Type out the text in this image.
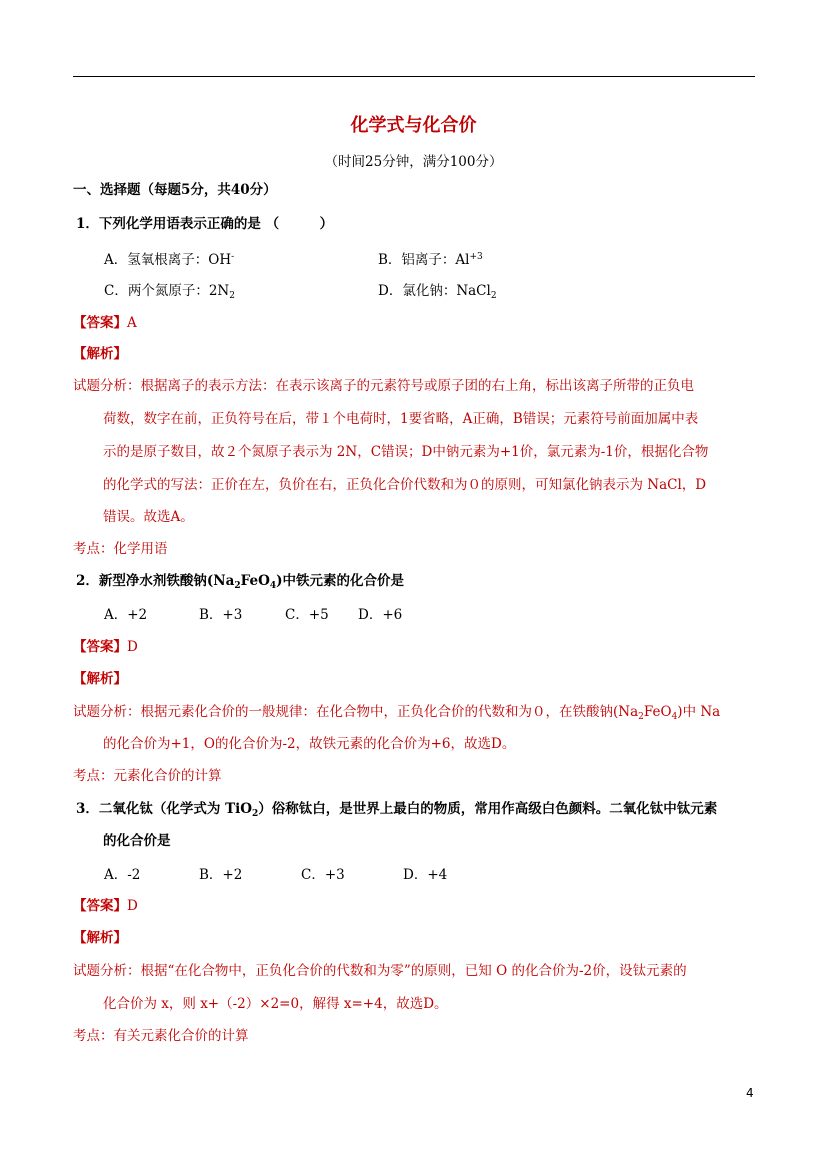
化学式与化合价
（时间25分钟，满分100分）
一、选择题（每题5分，共40分）
1．下列化学用语表示正确的是 （　　　）
A．氢氧根离子：OH-	B．铝离子：$Al^{+3}$
C．两个氮原子：$2N_2$	D．氯化钠：NaCl$_2$
【答案】A
【解析】
试题分析：根据离子的表示方法：在表示该离子的元素符号或原子团的右上角，标出该离子所带的正负电
荷数，数字在前，正负符号在后，带１个电荷时，1要省略，A正确，B错误；元素符号前面加属中表
示的是原子数目，故２个氮原子表示为 2N，C错误；D中钠元素为+1价，氯元素为-1价，根据化合物
的化学式的写法：正价在左，负价在右，正负化合价代数和为０的原则，可知氯化钠表示为 NaCl，D
错误。故选A。
考点：化学用语
2．新型净水剂铁酸钠$(Na_2FeO_4)$中铁元素的化合价是
A．+2	B．+3	C．+5 D．+6
【答案】D
【解析】
试题分析：根据元素化合价的一般规律：在化合物中，正负化合价的代数和为０，在铁酸钠$(Na_2FeO_4)$中 Na
的化合价为+1，O的化合价为-2，故铁元素的化合价为+6，故选D。
考点：元素化合价的计算
3．二氧化钛（化学式为 TiO$_2$）俗称钛白，是世界上最白的物质，常用作高级白色颜料。二氧化钛中钛元素
的化合价是
A．-2	B．+2	C．+3	D．+4
【答案】D
【解析】
试题分析：根据“在化合物中，正负化合价的代数和为零”的原则，已知 O 的化合价为-2价，设钛元素的
化合价为 x，则 x+（-2）×2=0，解得 x=+4，故选D。
考点：有关元素化合价的计算
4
